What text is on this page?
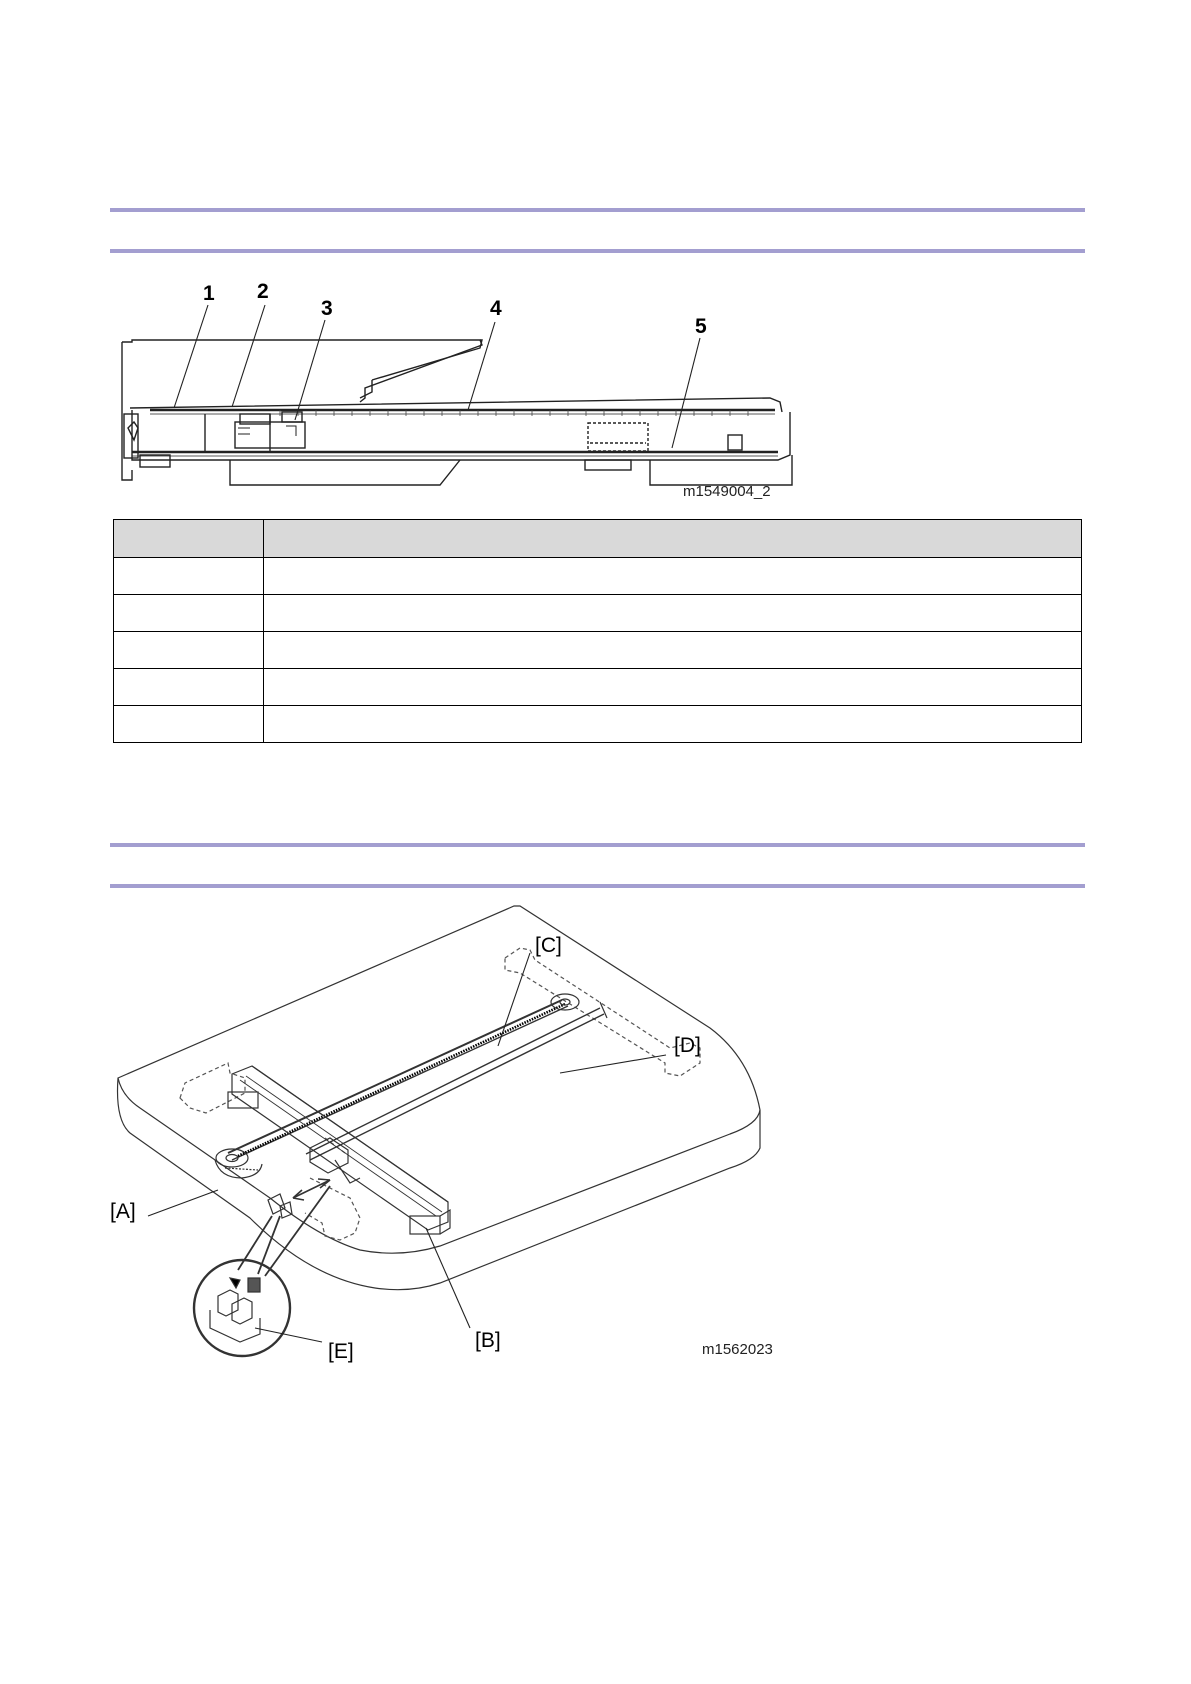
1 2
3	4
5
m1549004_2

[A]
[B]
[C]
[D]
[E]	m1562023
